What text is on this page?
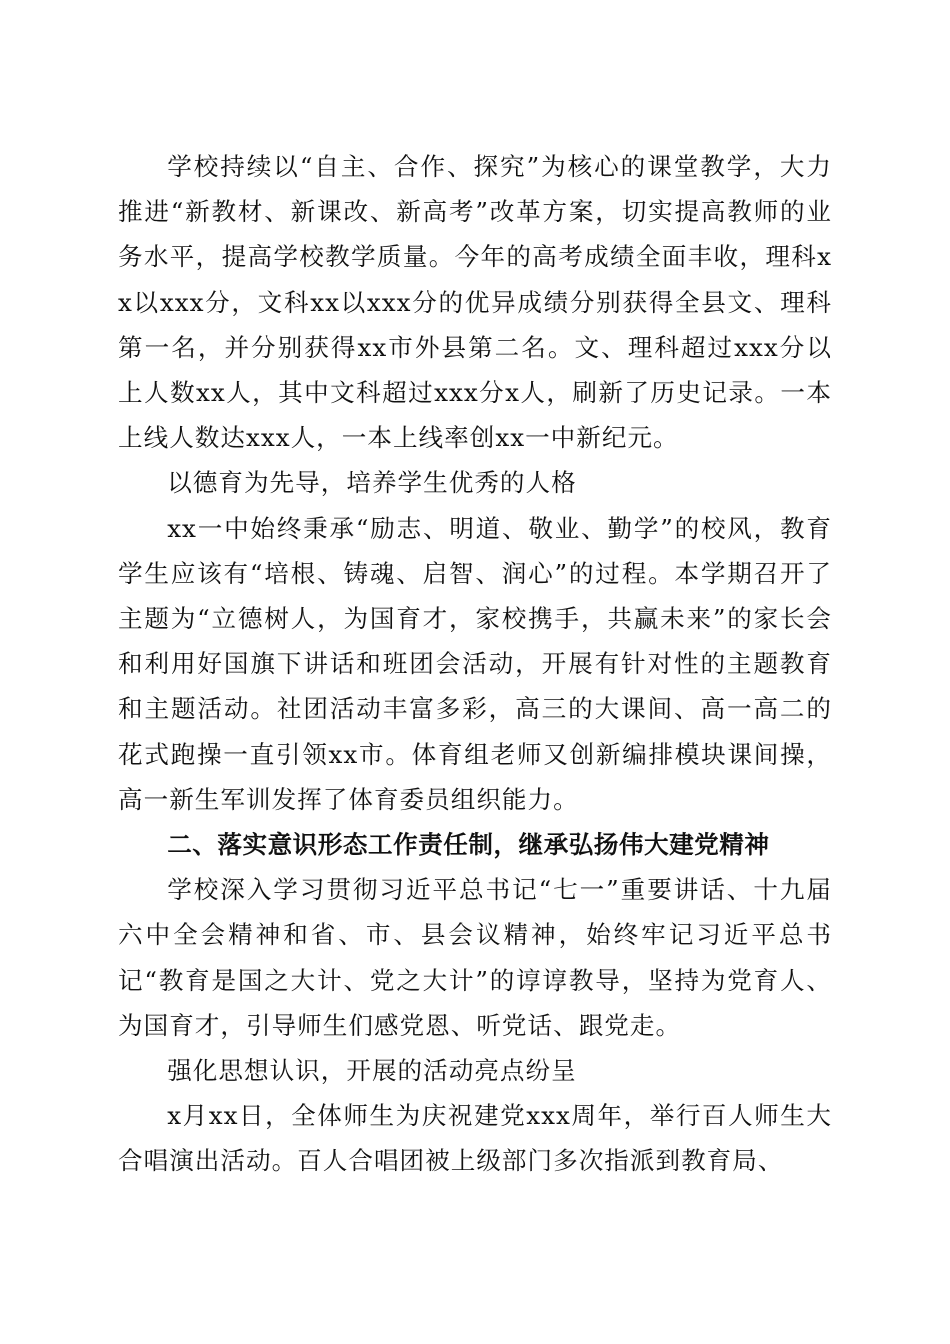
学校持续以“自主、合作、探究”为核心的课堂教学，大力推进“新教材、新课改、新高考”改革方案，切实提高教师的业务水平，提高学校教学质量。今年的高考成绩全面丰收，理科xx以xxx分，文科xx以xxx分的优异成绩分别获得全县文、理科第一名，并分别获得xx市外县第二名。文、理科超过xxx分以上人数xx人，其中文科超过xxx分x人，刷新了历史记录。一本上线人数达xxx人，一本上线率创xx一中新纪元。

以德育为先导，培养学生优秀的人格

xx一中始终秉承“励志、明道、敬业、勤学”的校风，教育学生应该有“培根、铸魂、启智、润心”的过程。本学期召开了主题为“立德树人，为国育才，家校携手，共赢未来”的家长会和利用好国旗下讲话和班团会活动，开展有针对性的主题教育和主题活动。社团活动丰富多彩，高三的大课间、高一高二的花式跑操一直引领xx市。体育组老师又创新编排模块课间操，高一新生军训发挥了体育委员组织能力。

二、落实意识形态工作责任制，继承弘扬伟大建党精神

学校深入学习贯彻习近平总书记“七一”重要讲话、十九届六中全会精神和省、市、县会议精神，始终牢记习近平总书记“教育是国之大计、党之大计”的谆谆教导，坚持为党育人、为国育才，引导师生们感党恩、听党话、跟党走。

强化思想认识，开展的活动亮点纷呈

x月xx日，全体师生为庆祝建党xxx周年，举行百人师生大合唱演出活动。百人合唱团被上级部门多次指派到教育局、
